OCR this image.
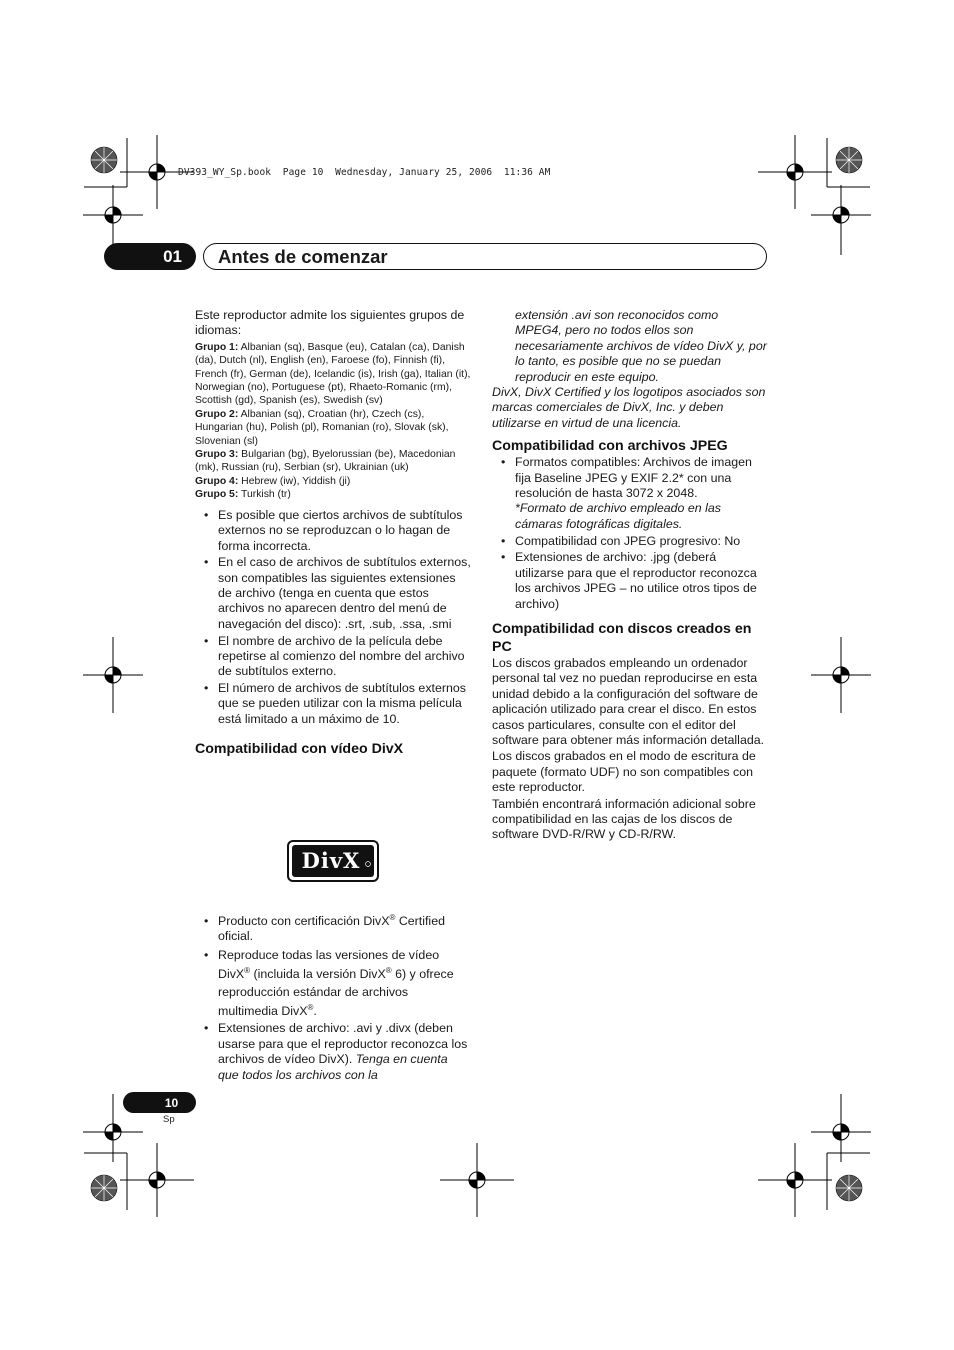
DV393_WY_Sp.book  Page 10  Wednesday, January 25, 2006  11:36 AM
01	Antes de comenzar

Este reproductor admite los siguientes grupos de idiomas:

Grupo 1: Albanian (sq), Basque (eu), Catalan (ca), Danish (da), Dutch (nl), English (en), Faroese (fo), Finnish (fi), French (fr), German (de), Icelandic (is), Irish (ga), Italian (it), Norwegian (no), Portuguese (pt), Rhaeto-Romanic (rm), Scottish (gd), Spanish (es), Swedish (sv)
Grupo 2: Albanian (sq), Croatian (hr), Czech (cs), Hungarian (hu), Polish (pl), Romanian (ro), Slovak (sk), Slovenian (sl)
Grupo 3: Bulgarian (bg), Byelorussian (be), Macedonian (mk), Russian (ru), Serbian (sr), Ukrainian (uk)
Grupo 4: Hebrew (iw), Yiddish (ji)
Grupo 5: Turkish (tr)
• Es posible que ciertos archivos de subtítulos externos no se reproduzcan o lo hagan de forma incorrecta.
• En el caso de archivos de subtítulos externos, son compatibles las siguientes extensiones de archivo (tenga en cuenta que estos archivos no aparecen dentro del menú de navegación del disco): .srt, .sub, .ssa, .smi
• El nombre de archivo de la película debe repetirse al comienzo del nombre del archivo de subtítulos externo.
• El número de archivos de subtítulos externos que se pueden utilizar con la misma película está limitado a un máximo de 10.
Compatibilidad con vídeo DivX
DivX
• Producto con certificación DivX® Certified oficial.
• Reproduce todas las versiones de vídeo DivX® (incluida la versión DivX® 6) y ofrece reproducción estándar de archivos multimedia DivX®.
• Extensiones de archivo: .avi y .divx (deben usarse para que el reproductor reconozca los archivos de vídeo DivX). Tenga en cuenta que todos los archivos con la

extensión .avi son reconocidos como MPEG4, pero no todos ellos son necesariamente archivos de vídeo DivX y, por lo tanto, es posible que no se puedan reproducir en este equipo.

DivX, DivX Certified y los logotipos asociados son marcas comerciales de DivX, Inc. y deben utilizarse en virtud de una licencia.

Compatibilidad con archivos JPEG
• Formatos compatibles: Archivos de imagen fija Baseline JPEG y EXIF 2.2* con una resolución de hasta 3072 x 2048.
*Formato de archivo empleado en las cámaras fotográficas digitales.
• Compatibilidad con JPEG progresivo: No
• Extensiones de archivo: .jpg (deberá utilizarse para que el reproductor reconozca los archivos JPEG – no utilice otros tipos de archivo)
Compatibilidad con discos creados en PC

Los discos grabados empleando un ordenador personal tal vez no puedan reproducirse en esta unidad debido a la configuración del software de aplicación utilizado para crear el disco. En estos casos particulares, consulte con el editor del software para obtener más información detallada.

Los discos grabados en el modo de escritura de paquete (formato UDF) no son compatibles con este reproductor.

También encontrará información adicional sobre compatibilidad en las cajas de los discos de software DVD-R/RW y CD-R/RW.

10
Sp
